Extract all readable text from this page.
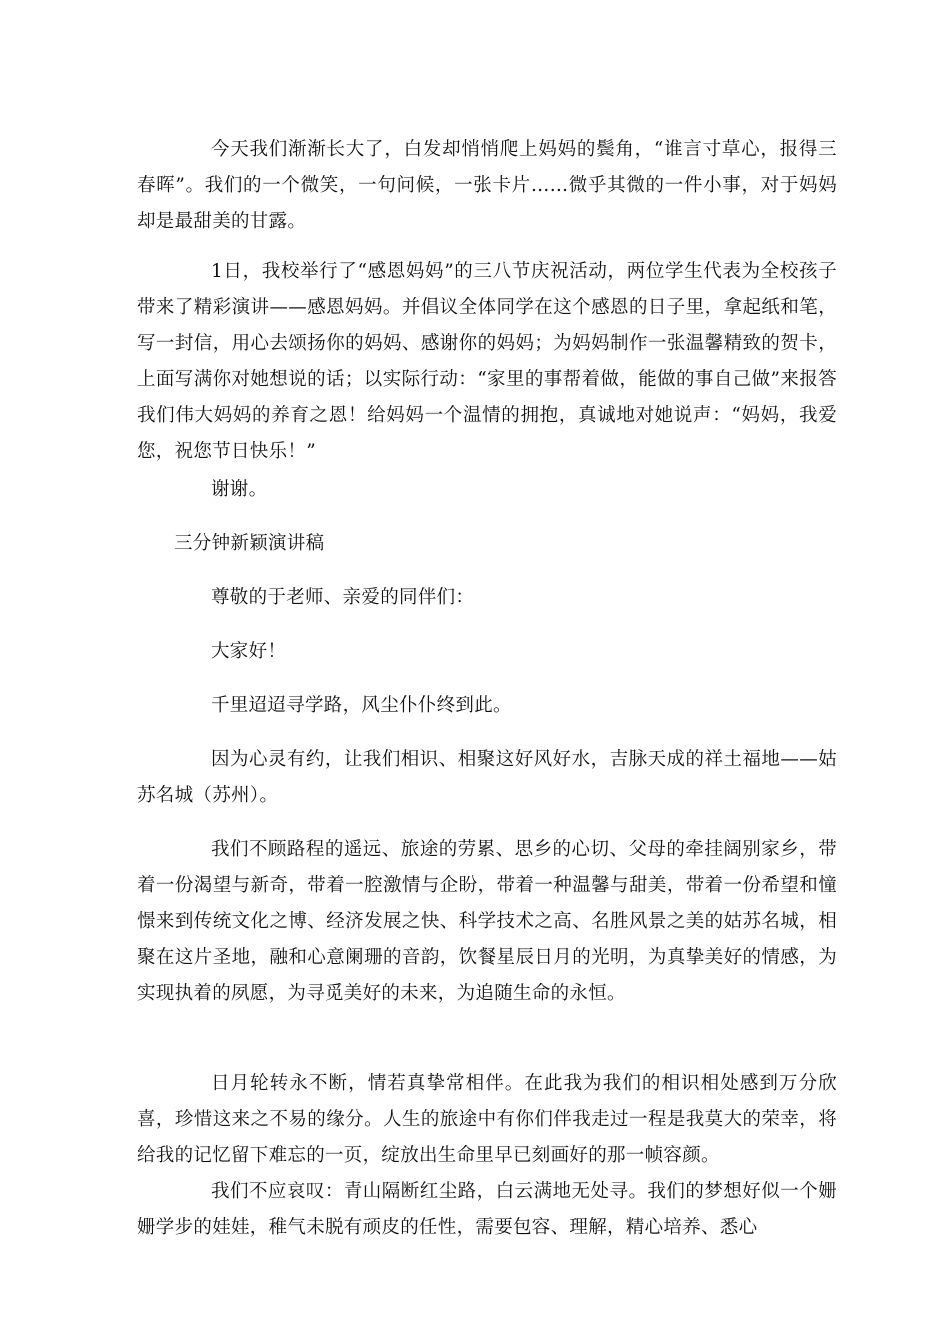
今天我们渐渐长大了，白发却悄悄爬上妈妈的鬓角，“谁言寸草心，报得三春晖”。我们的一个微笑，一句问候，一张卡片……微乎其微的一件小事，对于妈妈却是最甜美的甘露。

1日，我校举行了“感恩妈妈”的三八节庆祝活动，两位学生代表为全校孩子带来了精彩演讲——感恩妈妈。并倡议全体同学在这个感恩的日子里，拿起纸和笔，写一封信，用心去颂扬你的妈妈、感谢你的妈妈；为妈妈制作一张温馨精致的贺卡，上面写满你对她想说的话；以实际行动：“家里的事帮着做，能做的事自己做”来报答我们伟大妈妈的养育之恩！给妈妈一个温情的拥抱，真诚地对她说声：“妈妈，我爱您，祝您节日快乐！”

谢谢。

三分钟新颖演讲稿

尊敬的于老师、亲爱的同伴们：

大家好！

千里迢迢寻学路，风尘仆仆终到此。

因为心灵有约，让我们相识、相聚这好风好水，吉脉天成的祥土福地——姑苏名城（苏州）。

我们不顾路程的遥远、旅途的劳累、思乡的心切、父母的牵挂阔别家乡，带着一份渴望与新奇，带着一腔激情与企盼，带着一种温馨与甜美，带着一份希望和憧憬来到传统文化之博、经济发展之快、科学技术之高、名胜风景之美的姑苏名城，相聚在这片圣地，融和心意阑珊的音韵，饮餐星辰日月的光明，为真挚美好的情感，为实现执着的夙愿，为寻觅美好的未来，为追随生命的永恒。

日月轮转永不断，情若真挚常相伴。在此我为我们的相识相处感到万分欣喜，珍惜这来之不易的缘分。人生的旅途中有你们伴我走过一程是我莫大的荣幸，将给我的记忆留下难忘的一页，绽放出生命里早已刻画好的那一帧容颜。

我们不应哀叹：青山隔断红尘路，白云满地无处寻。我们的梦想好似一个姗姗学步的娃娃，稚气未脱有顽皮的任性，需要包容、理解，精心培养、悉心
